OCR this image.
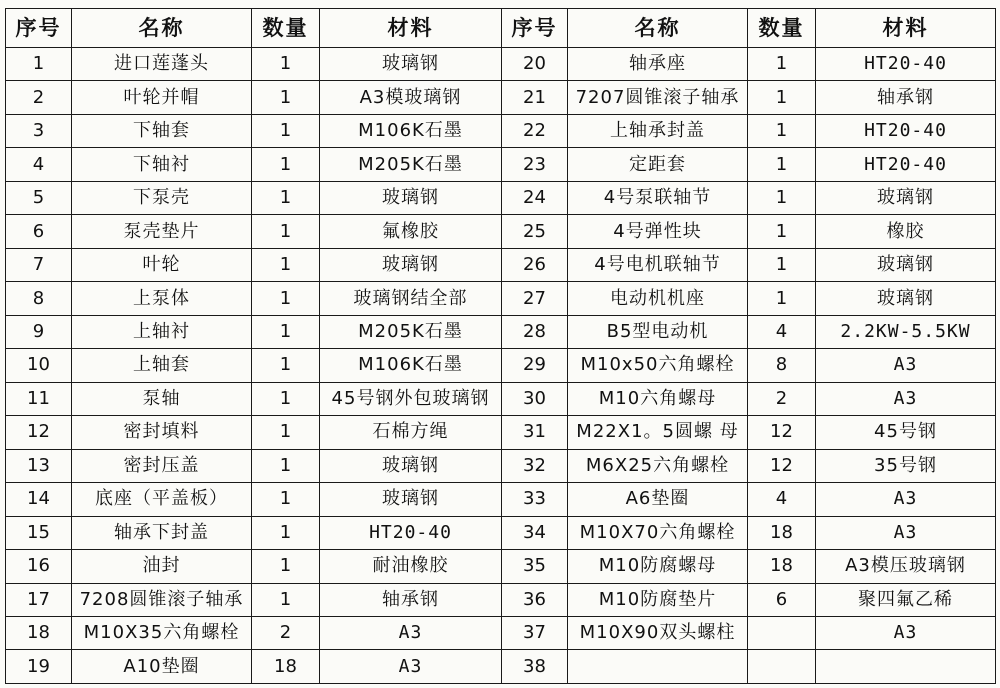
序号	名称	数量	材料	序号	名称	数量	材料
1	进口莲蓬头	1	玻璃钢	20	轴承座	1	HT20-40
2	叶轮并帽	1	A3模玻璃钢	21	7207圆锥滚子轴承	1	轴承钢
3	下轴套	1	M106K石墨	22	上轴承封盖	1	HT20-40
4	下轴衬	1	M205K石墨	23	定距套	1	HT20-40
5	下泵壳	1	玻璃钢	24	4号泵联轴节	1	玻璃钢
6	泵壳垫片	1	氟橡胶	25	4号弹性块	1	橡胶
7	叶轮	1	玻璃钢	26	4号电机联轴节	1	玻璃钢
8	上泵体	1	玻璃钢结全部	27	电动机机座	1	玻璃钢
9	上轴衬	1	M205K石墨	28	B5型电动机	4	2.2KW-5.5KW
10	上轴套	1	M106K石墨	29	M10x50六角螺栓	8	A3
11	泵轴	1	45号钢外包玻璃钢	30	M10六角螺母	2	A3
12	密封填料	1	石棉方绳	31	M22X1。5圆螺 母	12	45号钢
13	密封压盖	1	玻璃钢	32	M6X25六角螺栓	12	35号钢
14	底座（平盖板）	1	玻璃钢	33	A6垫圈	4	A3
15	轴承下封盖	1	HT20-40	34	M10X70六角螺栓	18	A3
16	油封	1	耐油橡胶	35	M10防腐螺母	18	A3模压玻璃钢
17	7208圆锥滚子轴承	1	轴承钢	36	M10防腐垫片	6	聚四氟乙稀
18	M10X35六角螺栓	2	A3	37	M10X90双头螺柱		A3
19	A10垫圈	18	A3	38			
